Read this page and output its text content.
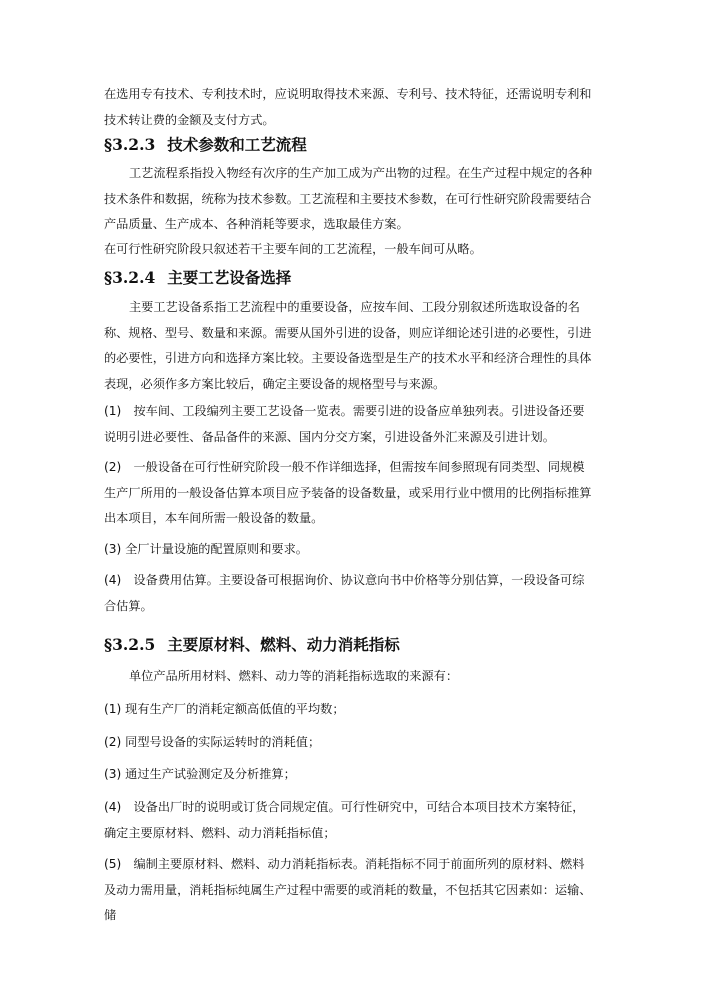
在选用专有技术、专利技术时，应说明取得技术来源、专利号、技术特征，还需说明专利和技术转让费的金额及支付方式。

§3.2.3 技术参数和工艺流程

工艺流程系指投入物经有次序的生产加工成为产出物的过程。在生产过程中规定的各种技术条件和数据，统称为技术参数。工艺流程和主要技术参数，在可行性研究阶段需要结合产品质量、生产成本、各种消耗等要求，选取最佳方案。

在可行性研究阶段只叙述若干主要车间的工艺流程，一般车间可从略。

§3.2.4 主要工艺设备选择

主要工艺设备系指工艺流程中的重要设备，应按车间、工段分别叙述所选取设备的名称、规格、型号、数量和来源。需要从国外引进的设备，则应详细论述引进的必要性，引进的必要性，引进方向和选择方案比较。主要设备选型是生产的技术水平和经济合理性的具体表现，必须作多方案比较后，确定主要设备的规格型号与来源。

(1)　按车间、工段编列主要工艺设备一览表。需要引进的设备应单独列表。引进设备还要说明引进必要性、备品备件的来源、国内分交方案，引进设备外汇来源及引进计划。

(2)　一般设备在可行性研究阶段一般不作详细选择，但需按车间参照现有同类型、同规模生产厂所用的一般设备估算本项目应予装备的设备数量，或采用行业中惯用的比例指标推算出本项目，本车间所需一般设备的数量。

(3) 全厂计量设施的配置原则和要求。

(4)　设备费用估算。主要设备可根据询价、协议意向书中价格等分别估算，一段设备可综合估算。

§3.2.5 主要原材料、燃料、动力消耗指标

单位产品所用材料、燃料、动力等的消耗指标选取的来源有：

(1) 现有生产厂的消耗定额高低值的平均数；

(2) 同型号设备的实际运转时的消耗值；

(3) 通过生产试验测定及分析推算；

(4)　设备出厂时的说明或订货合同规定值。可行性研究中，可结合本项目技术方案特征，确定主要原材料、燃料、动力消耗指标值；

(5)　编制主要原材料、燃料、动力消耗指标表。消耗指标不同于前面所列的原材料、燃料及动力需用量，消耗指标纯属生产过程中需要的或消耗的数量，不包括其它因素如：运输、储
